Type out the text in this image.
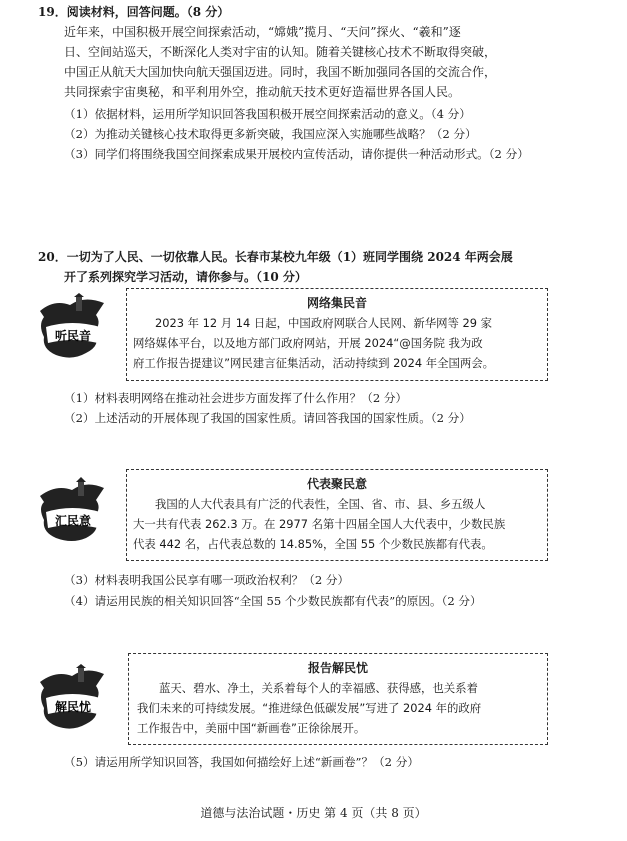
19．阅读材料，回答问题。（8 分）
近年来，中国积极开展空间探索活动，“嫦娥”揽月、“天问”探火、“羲和”逐
日、空间站巡天，不断深化人类对宇宙的认知。随着关键核心技术不断取得突破，
中国正从航天大国加快向航天强国迈进。同时，我国不断加强同各国的交流合作，
共同探索宇宙奥秘，和平利用外空，推动航天技术更好造福世界各国人民。
（1）依据材料，运用所学知识回答我国积极开展空间探索活动的意义。（4 分）
（2）为推动关键核心技术取得更多新突破，我国应深入实施哪些战略？（2 分）
（3）同学们将围绕我国空间探索成果开展校内宣传活动，请你提供一种活动形式。（2 分）
20．一切为了人民、一切依靠人民。长春市某校九年级（1）班同学围绕 2024 年两会展
开了系列探究学习活动，请你参与。（10 分）
听民音
网络集民音
2023 年 12 月 14 日起，中国政府网联合人民网、新华网等 29 家
网络媒体平台，以及地方部门政府网站，开展 2024“@国务院 我为政
府工作报告提建议”网民建言征集活动，活动持续到 2024 年全国两会。
（1）材料表明网络在推动社会进步方面发挥了什么作用？（2 分）
（2）上述活动的开展体现了我国的国家性质。请回答我国的国家性质。（2 分）
汇民意
代表聚民意
我国的人大代表具有广泛的代表性，全国、省、市、县、乡五级人
大一共有代表 262.3 万。在 2977 名第十四届全国人大代表中，少数民族
代表 442 名，占代表总数的 14.85%，全国 55 个少数民族都有代表。
（3）材料表明我国公民享有哪一项政治权利？（2 分）
（4）请运用民族的相关知识回答“全国 55 个少数民族都有代表”的原因。（2 分）
解民忧
报告解民忧
蓝天、碧水、净土，关系着每个人的幸福感、获得感，也关系着
我们未来的可持续发展。“推进绿色低碳发展”写进了 2024 年的政府
工作报告中，美丽中国“新画卷”正徐徐展开。
（5）请运用所学知识回答，我国如何描绘好上述“新画卷”？（2 分）
道德与法治试题・历史 第 4 页（共 8 页）
